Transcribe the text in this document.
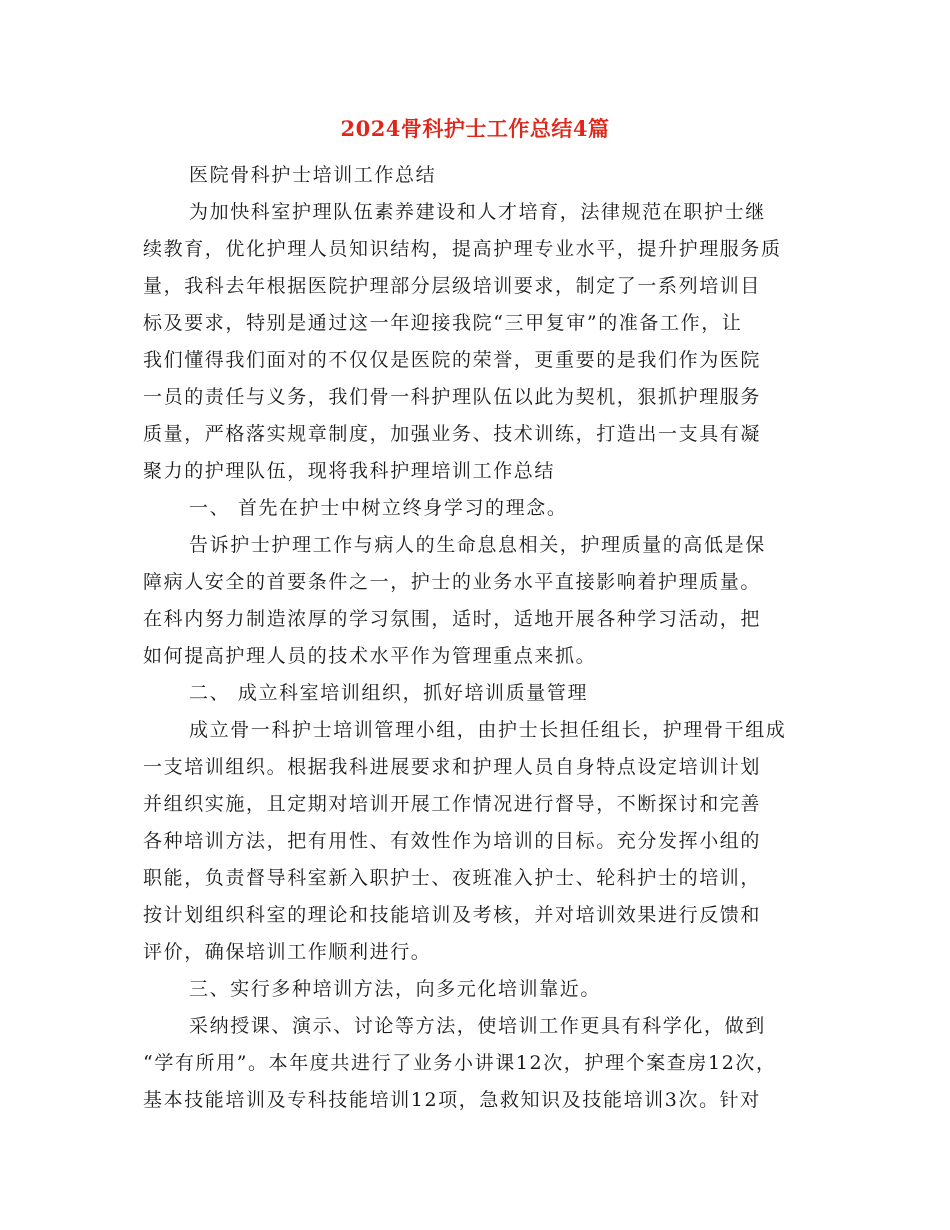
2024骨科护士工作总结4篇
医院骨科护士培训工作总结
为加快科室护理队伍素养建设和人才培育，法律规范在职护士继
续教育，优化护理人员知识结构，提高护理专业水平，提升护理服务质
量，我科去年根据医院护理部分层级培训要求，制定了一系列培训目
标及要求，特别是通过这一年迎接我院“三甲复审”的准备工作，让
我们懂得我们面对的不仅仅是医院的荣誉，更重要的是我们作为医院
一员的责任与义务，我们骨一科护理队伍以此为契机，狠抓护理服务
质量，严格落实规章制度，加强业务、技术训练，打造出一支具有凝
聚力的护理队伍，现将我科护理培训工作总结
一、 首先在护士中树立终身学习的理念。
告诉护士护理工作与病人的生命息息相关，护理质量的高低是保
障病人安全的首要条件之一，护士的业务水平直接影响着护理质量。
在科内努力制造浓厚的学习氛围，适时，适地开展各种学习活动，把
如何提高护理人员的技术水平作为管理重点来抓。
二、 成立科室培训组织，抓好培训质量管理
成立骨一科护士培训管理小组，由护士长担任组长，护理骨干组成
一支培训组织。根据我科进展要求和护理人员自身特点设定培训计划
并组织实施，且定期对培训开展工作情况进行督导，不断探讨和完善
各种培训方法，把有用性、有效性作为培训的目标。充分发挥小组的
职能，负责督导科室新入职护士、夜班准入护士、轮科护士的培训，
按计划组织科室的理论和技能培训及考核，并对培训效果进行反馈和
评价，确保培训工作顺利进行。
三、实行多种培训方法，向多元化培训靠近。
采纳授课、演示、讨论等方法，使培训工作更具有科学化，做到
“学有所用”。本年度共进行了业务小讲课12次，护理个案查房12次，
基本技能培训及专科技能培训12项，急救知识及技能培训3次。针对
